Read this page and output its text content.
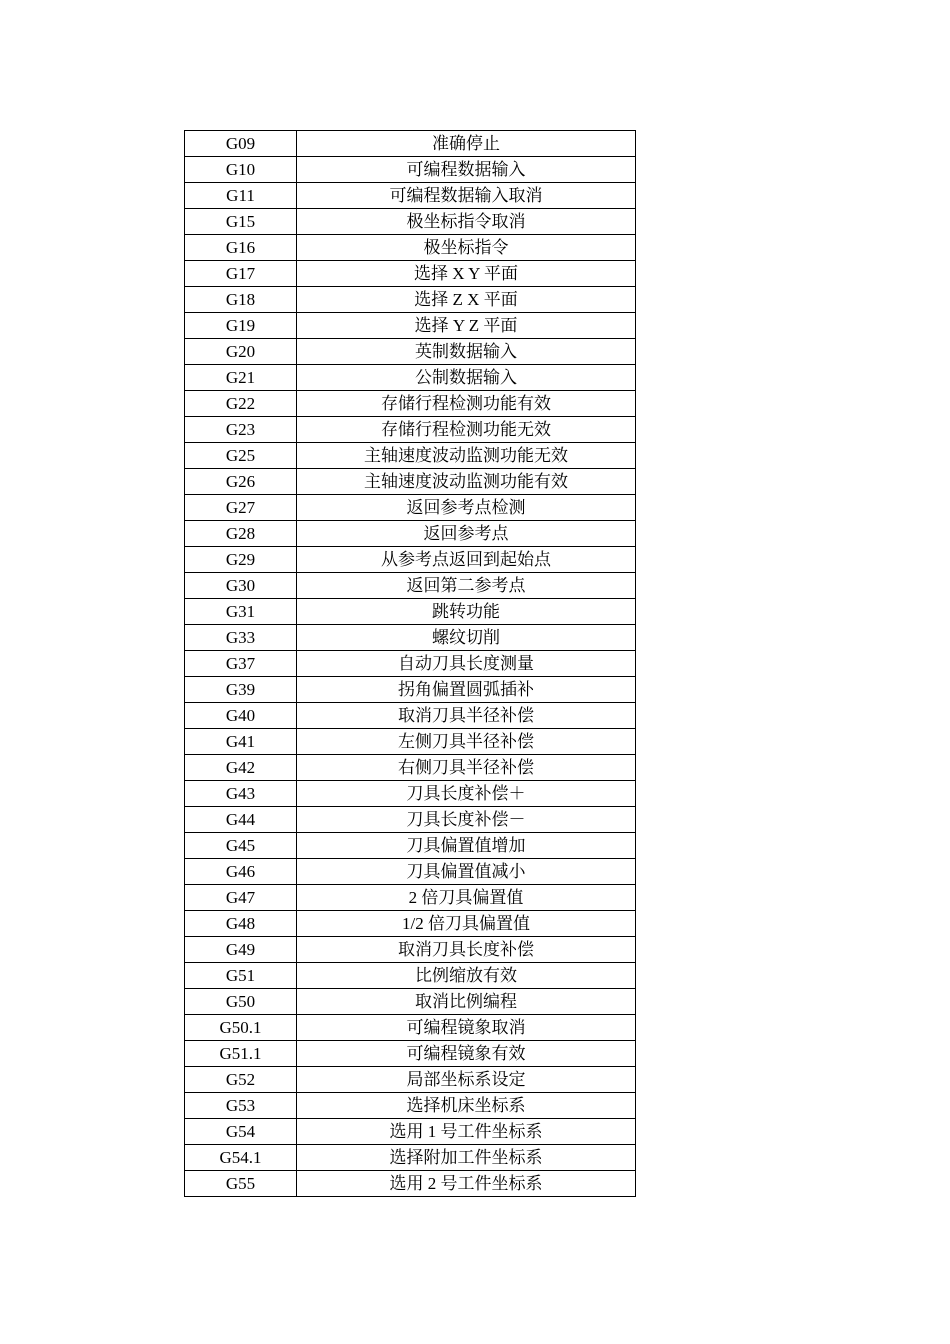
G09	准确停止
G10	可编程数据输入
G11	可编程数据输入取消
G15	极坐标指令取消
G16	极坐标指令
G17	选择 X Y 平面
G18	选择 Z X 平面
G19	选择 Y Z 平面
G20	英制数据输入
G21	公制数据输入
G22	存储行程检测功能有效
G23	存储行程检测功能无效
G25	主轴速度波动监测功能无效
G26	主轴速度波动监测功能有效
G27	返回参考点检测
G28	返回参考点
G29	从参考点返回到起始点
G30	返回第二参考点
G31	跳转功能
G33	螺纹切削
G37	自动刀具长度测量
G39	拐角偏置圆弧插补
G40	取消刀具半径补偿
G41	左侧刀具半径补偿
G42	右侧刀具半径补偿
G43	刀具长度补偿＋
G44	刀具长度补偿－
G45	刀具偏置值增加
G46	刀具偏置值减小
G47	2 倍刀具偏置值
G48	1/2 倍刀具偏置值
G49	取消刀具长度补偿
G51	比例缩放有效
G50	取消比例编程
G50.1	可编程镜象取消
G51.1	可编程镜象有效
G52	局部坐标系设定
G53	选择机床坐标系
G54	选用 1 号工件坐标系
G54.1	选择附加工件坐标系
G55	选用 2 号工件坐标系
